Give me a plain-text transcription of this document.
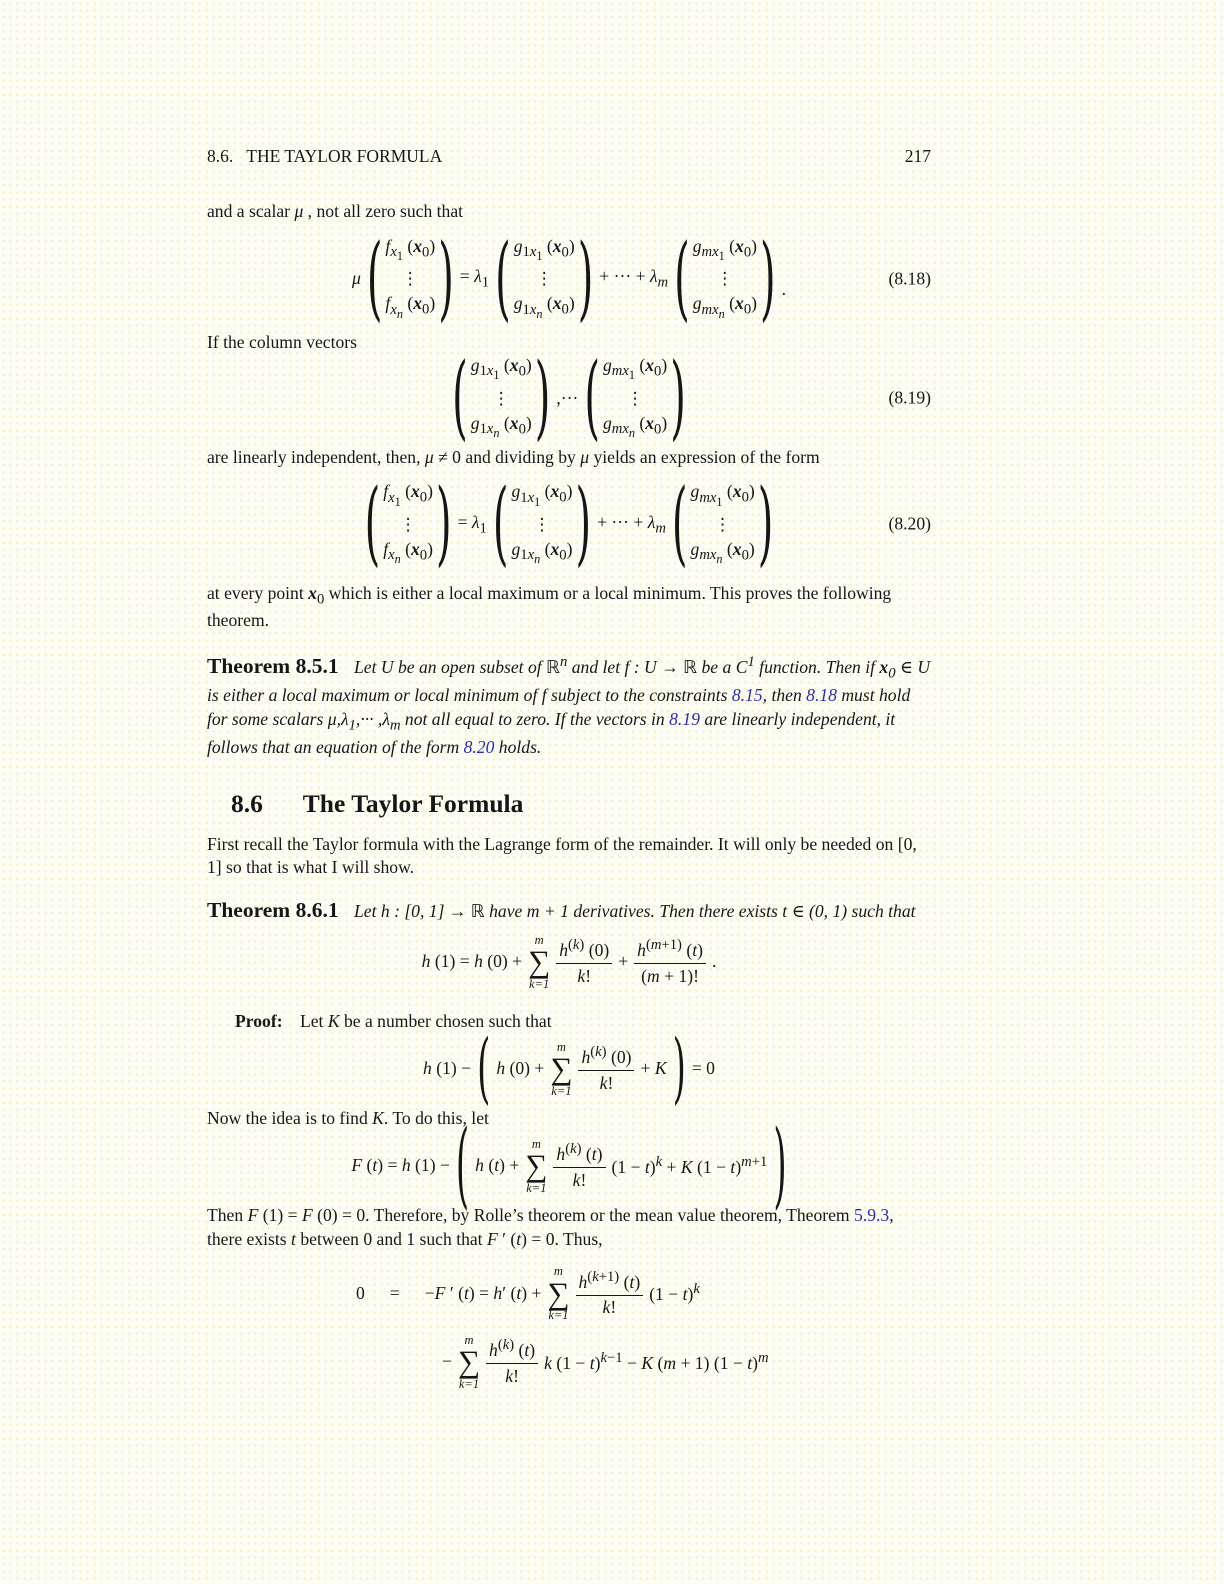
8.6. THE TAYLOR FORMULA	217

and a scalar μ , not all zero such that

μ ( $f_{x_1}$ $(x_0)$
⋮
$f_{x_n}$ $(x_0)$ ) = $\lambda_1$ ( $g_{1x_1}$ $(x_0)$
⋮
$g_{1x_n}$ $(x_0)$ ) + ··· + $\lambda_m$ ( $g_{mx_1}$ $(x_0)$
⋮
$g_{mx_n}$ $(x_0)$ ) .
(8.18)

If the column vectors

( $g_{1x_1}$ $(x_0)$
⋮
$g_{1x_n}$ $(x_0)$ ) ,··· ( $g_{mx_1}$ $(x_0)$
⋮
$g_{mx_n}$ $(x_0)$ )	(8.19)

are linearly independent, then, μ ≠ 0 and dividing by μ yields an expression of the form

( $f_{x_1}$ $(x_0)$
⋮
$f_{x_n}$ $(x_0)$ ) = $\lambda_1$ ( $g_{1x_1}$ $(x_0)$
⋮
$g_{1x_n}$ $(x_0)$ ) + ··· + $\lambda_m$ ( $g_{mx_1}$ $(x_0)$
⋮
$g_{mx_n}$ $(x_0)$ )	(8.20)

at every point $x_0$ which is either a local maximum or a local minimum. This proves the following theorem.

Theorem 8.5.1 Let U be an open subset of ℝ$^n$ and let f : U → ℝ be a $C^1$ function. Then if $x_0$ ∈ U is either a local maximum or local minimum of f subject to the constraints 8.15, then 8.18 must hold for some scalars $\mu,\lambda_1,\cdot\cdot\cdot ,\lambda_m$ not all equal to zero. If the vectors in 8.19 are linearly independent, it follows that an equation of the form 8.20 holds.

8.6 The Taylor Formula

First recall the Taylor formula with the Lagrange form of the remainder. It will only be needed on [0, 1] so that is what I will show.

Theorem 8.6.1 Let h : [0, 1] → ℝ have m + 1 derivatives. Then there exists t ∈ (0, 1) such that

h (1) = h (0) +
m
∑
$k=1 \frac{h^{(k)} (0)}{k!} + \frac{h^{(m+1)} (t)}{(m + 1)!}$ .

Proof: Let K be a number chosen such that

h (1) − ( h (0) +
m
∑
$k=1 \frac{h^{(k)} (0)}{k!} + K$ ) = 0

Now the idea is to find K. To do this, let

F (t) = h (1) − ( h (t) +
m
∑
$k=1 \frac{h^{(k)} (t)}{k!} (1 - t)^k + K$ $(1 - t)^{m+1}$ )

Then F (1) = F (0) = 0. Therefore, by Rolle’s theorem or the mean value theorem, Theorem 5.9.3, there exists t between 0 and 1 such that F ′ (t) = 0. Thus,

0 = −F ′ (t) = h′ (t) +
m
∑
$k=1 \frac{h^{(k+1)} (t)}{k!} (1 - t)^k$
−
m
∑
$k=1 \frac{h^{(k)} (t)}{k!}$ k $(1 - t)^{k-1} - K$ (m + 1) $(1 - t)^m$
